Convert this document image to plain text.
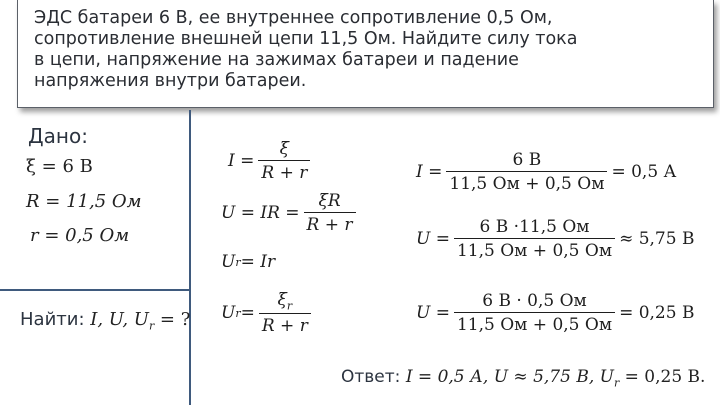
ЭДС батареи 6 В, ее внутреннее сопротивление 0,5 Ом,
сопротивление внешней цепи 11,5 Ом. Найдите силу тока
в цепи, напряжение на зажимах батареи и падение
напряжения внутри батареи.

Дано:
ξ = 6 В
R = 11,5 Ом
r = 0,5 Ом
Найти: I, U, $U_r$ = ?
$I = \frac{\xi}{R + r}$
U = IR = $\frac{\xi R}{R + r}$
U r = Ir
U $r = \frac{\xi_r}{R + r}$
$I = \frac{6 В}{11,5 Ом + 0,5 Ом} = 0,5$ А
$U = \frac{6 В \cdot 11,5 Ом}{11,5 Ом + 0,5 Ом} \approx 5,75$ В
$U = \frac{6 В \cdot 0,5 Ом}{11,5 Ом + 0,5 Ом} = 0,25$ В
Ответ: I = 0,5 А, U ≈ 5,75 В, $U_r = 0,25$ В.
